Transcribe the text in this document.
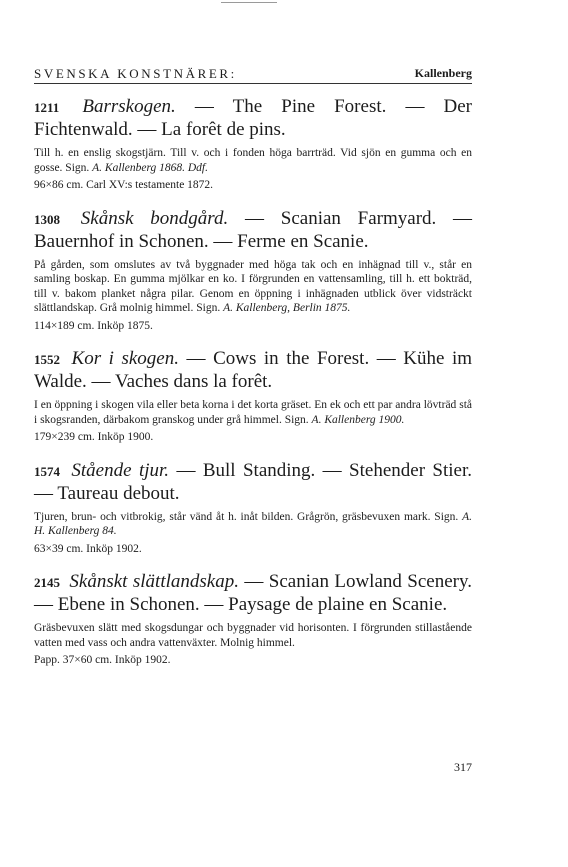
SVENSKA KONSTNÄRER:	Kallenberg
1211 Barrskogen. — The Pine Forest. — Der Fichtenwald. — La forêt de pins.
Till h. en enslig skogstjärn. Till v. och i fonden höga barrträd. Vid sjön en gumma och en gosse. Sign. A. Kallenberg 1868. Ddf.
96×86 cm. Carl XV:s testamente 1872.
1308 Skånsk bondgård. — Scanian Farmyard. — Bauernhof in Schonen. — Ferme en Scanie.
På gården, som omslutes av två byggnader med höga tak och en inhägnad till v., står en samling boskap. En gumma mjölkar en ko. I förgrunden en vattensamling, till h. ett bokträd, till v. bakom planket några pilar. Genom en öppning i inhägnaden utblick över vidsträckt slättlandskap. Grå molnig himmel. Sign. A. Kallenberg, Berlin 1875.
114×189 cm. Inköp 1875.
1552 Kor i skogen. — Cows in the Forest. — Kühe im Walde. — Vaches dans la forêt.
I en öppning i skogen vila eller beta korna i det korta gräset. En ek och ett par andra lövträd stå i skogsranden, därbakom granskog under grå himmel. Sign. A. Kallenberg 1900.
179×239 cm. Inköp 1900.
1574 Stående tjur. — Bull Standing. — Stehender Stier. — Taureau debout.
Tjuren, brun- och vitbrokig, står vänd åt h. inåt bilden. Grågrön, gräsbevuxen mark. Sign. A. H. Kallenberg 84.
63×39 cm. Inköp 1902.
2145 Skånskt slättlandskap. — Scanian Lowland Scenery. — Ebene in Schonen. — Paysage de plaine en Scanie.
Gräsbevuxen slätt med skogsdungar och byggnader vid horisonten. I förgrunden stillastående vatten med vass och andra vattenväxter. Molnig himmel.
Papp. 37×60 cm. Inköp 1902.
317
